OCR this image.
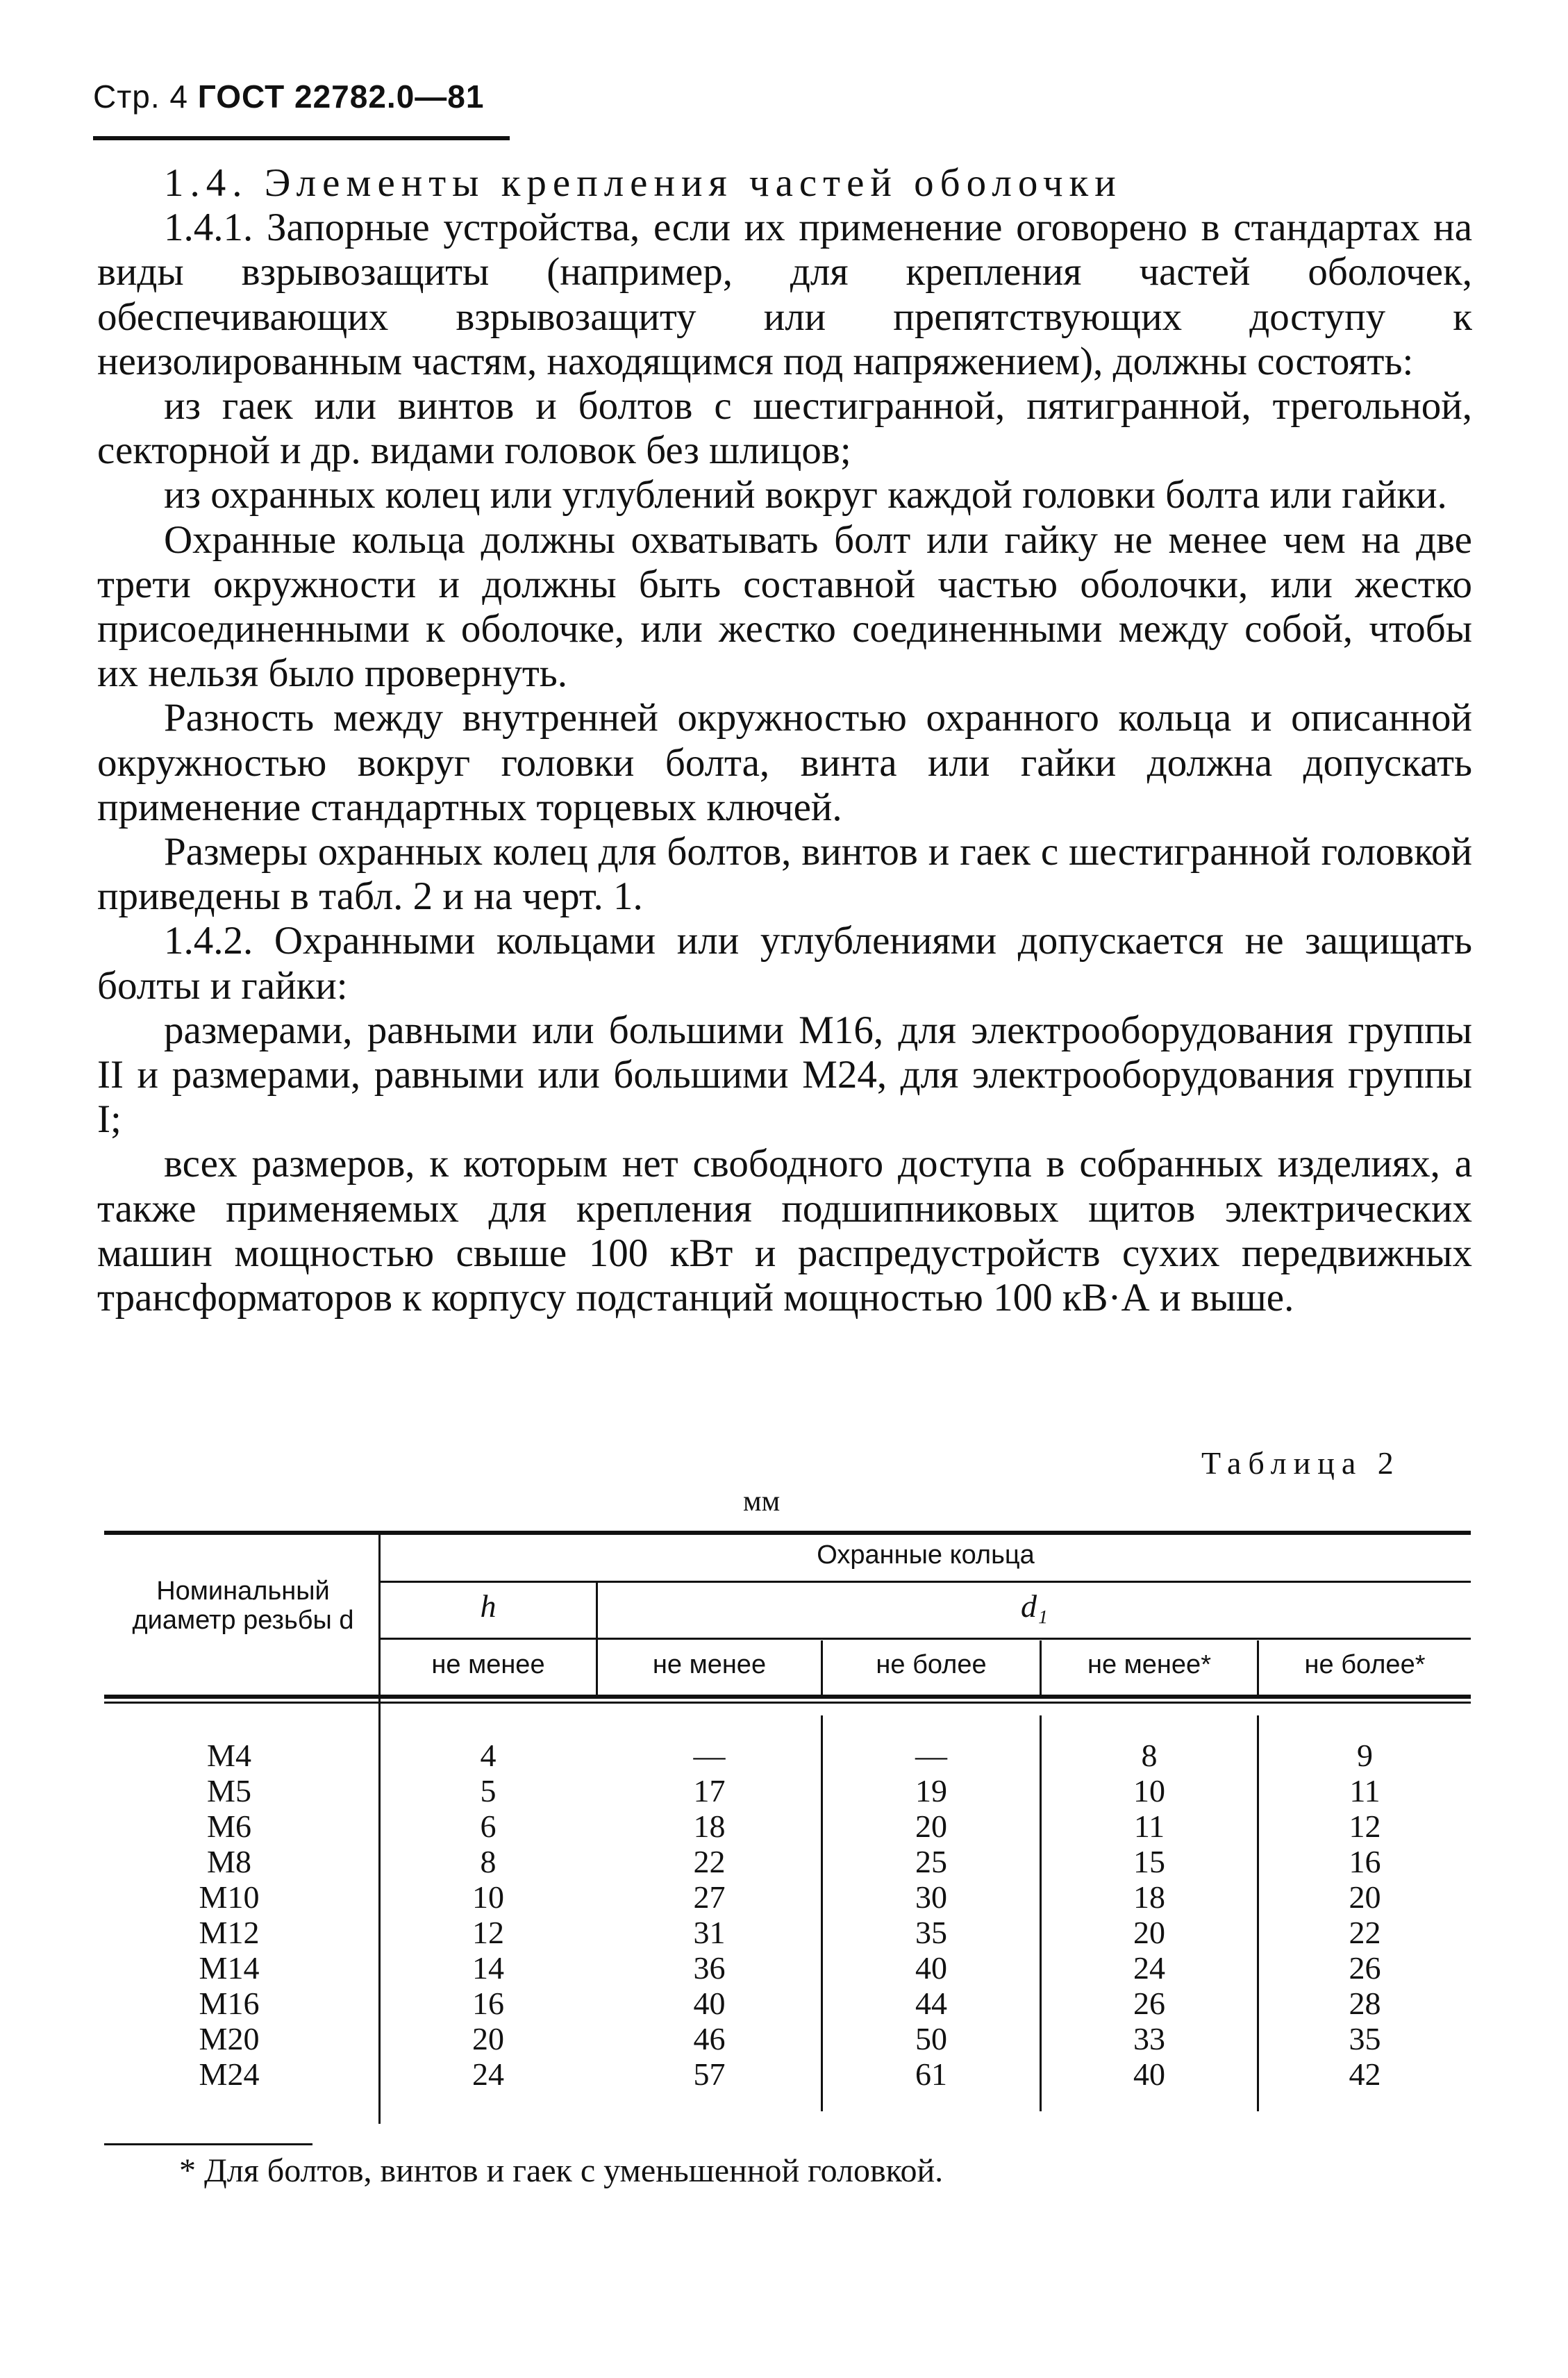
Стр. 4 ГОСТ 22782.0—81

1.4. Элементы крепления частей оболочки

1.4.1. Запорные устройства, если их применение оговорено в стандартах на виды взрывозащиты (например, для крепления частей оболочек, обеспечивающих взрывозащиту или препятствующих доступу к неизолированным частям, находящимся под напряжением), должны состоять:

из гаек или винтов и болтов с шестигранной, пятигранной, трегольной, секторной и др. видами головок без шлицов;

из охранных колец или углублений вокруг каждой головки болта или гайки.

Охранные кольца должны охватывать болт или гайку не менее чем на две трети окружности и должны быть составной частью оболочки, или жестко присоединенными к оболочке, или жестко соединенными между собой, чтобы их нельзя было провернуть.

Разность между внутренней окружностью охранного кольца и описанной окружностью вокруг головки болта, винта или гайки должна допускать применение стандартных торцевых ключей.

Размеры охранных колец для болтов, винтов и гаек с шестигранной головкой приведены в табл. 2 и на черт. 1.

1.4.2. Охранными кольцами или углублениями допускается не защищать болты и гайки:

размерами, равными или большими М16, для электрооборудования группы II и размерами, равными или большими М24, для электрооборудования группы I;

всех размеров, к которым нет свободного доступа в собранных изделиях, а также применяемых для крепления подшипниковых щитов электрических машин мощностью свыше 100 кВт и распредустройств сухих передвижных трансформаторов к корпусу подстанций мощностью 100 кВ·А и выше.

Таблица 2
мм
Номинальный диаметр резьбы d
Охранные кольца
h	d₁
не менее	не менее	не более	не менее*	не более*
М4	4	—	—	8	9
М5	5	17	19	10	11
М6	6	18	20	11	12
М8	8	22	25	15	16
М10	10	27	30	18	20
М12	12	31	35	20	22
М14	14	36	40	24	26
М16	16	40	44	26	28
М20	20	46	50	33	35
М24	24	57	61	40	42
* Для болтов, винтов и гаек с уменьшенной головкой.
